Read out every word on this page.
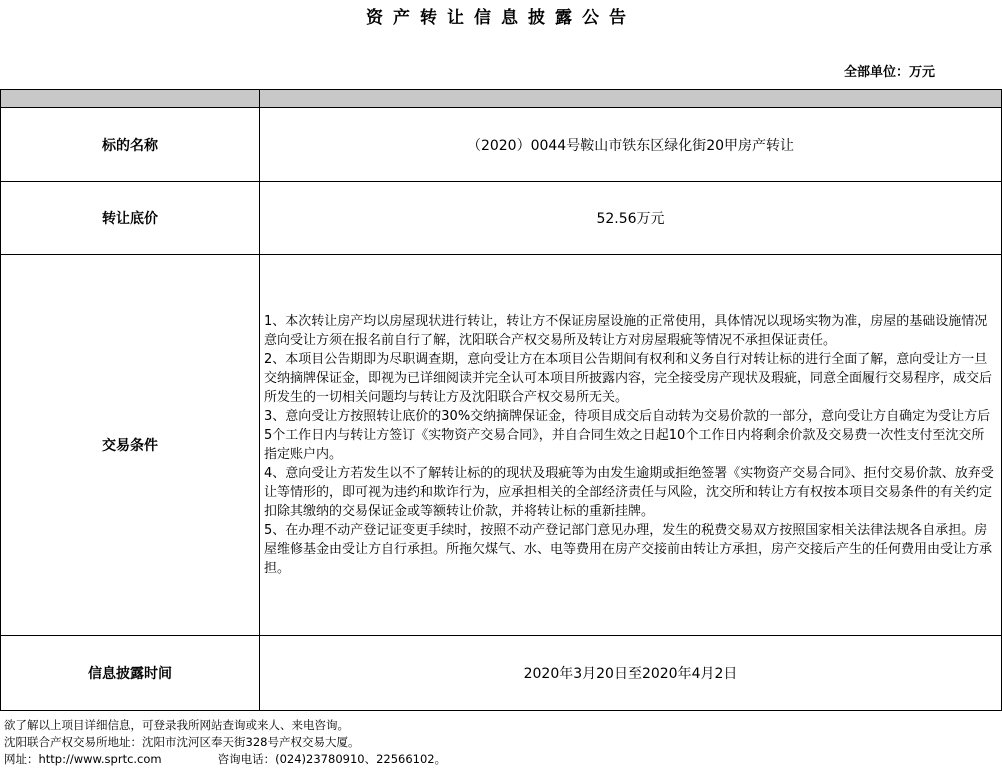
资产转让信息披露公告
全部单位：万元

标的名称	（2020）0044号鞍山市铁东区绿化街20甲房产转让
转让底价	52.56万元
交易条件	1、本次转让房产均以房屋现状进行转让，转让方不保证房屋设施的正常使用，具体情况以现场实物为准，房屋的基础设施情况意向受让方须在报名前自行了解，沈阳联合产权交易所及转让方对房屋瑕疵等情况不承担保证责任。

2、本项目公告期即为尽职调查期，意向受让方在本项目公告期间有权利和义务自行对转让标的进行全面了解，意向受让方一旦交纳摘牌保证金，即视为已详细阅读并完全认可本项目所披露内容，完全接受房产现状及瑕疵，同意全面履行交易程序，成交后所发生的一切相关问题均与转让方及沈阳联合产权交易所无关。

3、意向受让方按照转让底价的30%交纳摘牌保证金，待项目成交后自动转为交易价款的一部分，意向受让方自确定为受让方后5个工作日内与转让方签订《实物资产交易合同》，并自合同生效之日起10个工作日内将剩余价款及交易费一次性支付至沈交所指定账户内。

4、意向受让方若发生以不了解转让标的的现状及瑕疵等为由发生逾期或拒绝签署《实物资产交易合同》、拒付交易价款、放弃受让等情形的，即可视为违约和欺诈行为，应承担相关的全部经济责任与风险，沈交所和转让方有权按本项目交易条件的有关约定扣除其缴纳的交易保证金或等额转让价款，并将转让标的重新挂牌。

5、在办理不动产登记证变更手续时，按照不动产登记部门意见办理，发生的税费交易双方按照国家相关法律法规各自承担。房屋维修基金由受让方自行承担。所拖欠煤气、水、电等费用在房产交接前由转让方承担，房产交接后产生的任何费用由受让方承担。

信息披露时间	2020年3月20日至2020年4月2日

欲了解以上项目详细信息，可登录我所网站查询或来人、来电咨询。

沈阳联合产权交易所地址：沈阳市沈河区奉天街328号产权交易大厦。

网址：http://www.sprtc.com	咨询电话：(024)23780910、22566102。
